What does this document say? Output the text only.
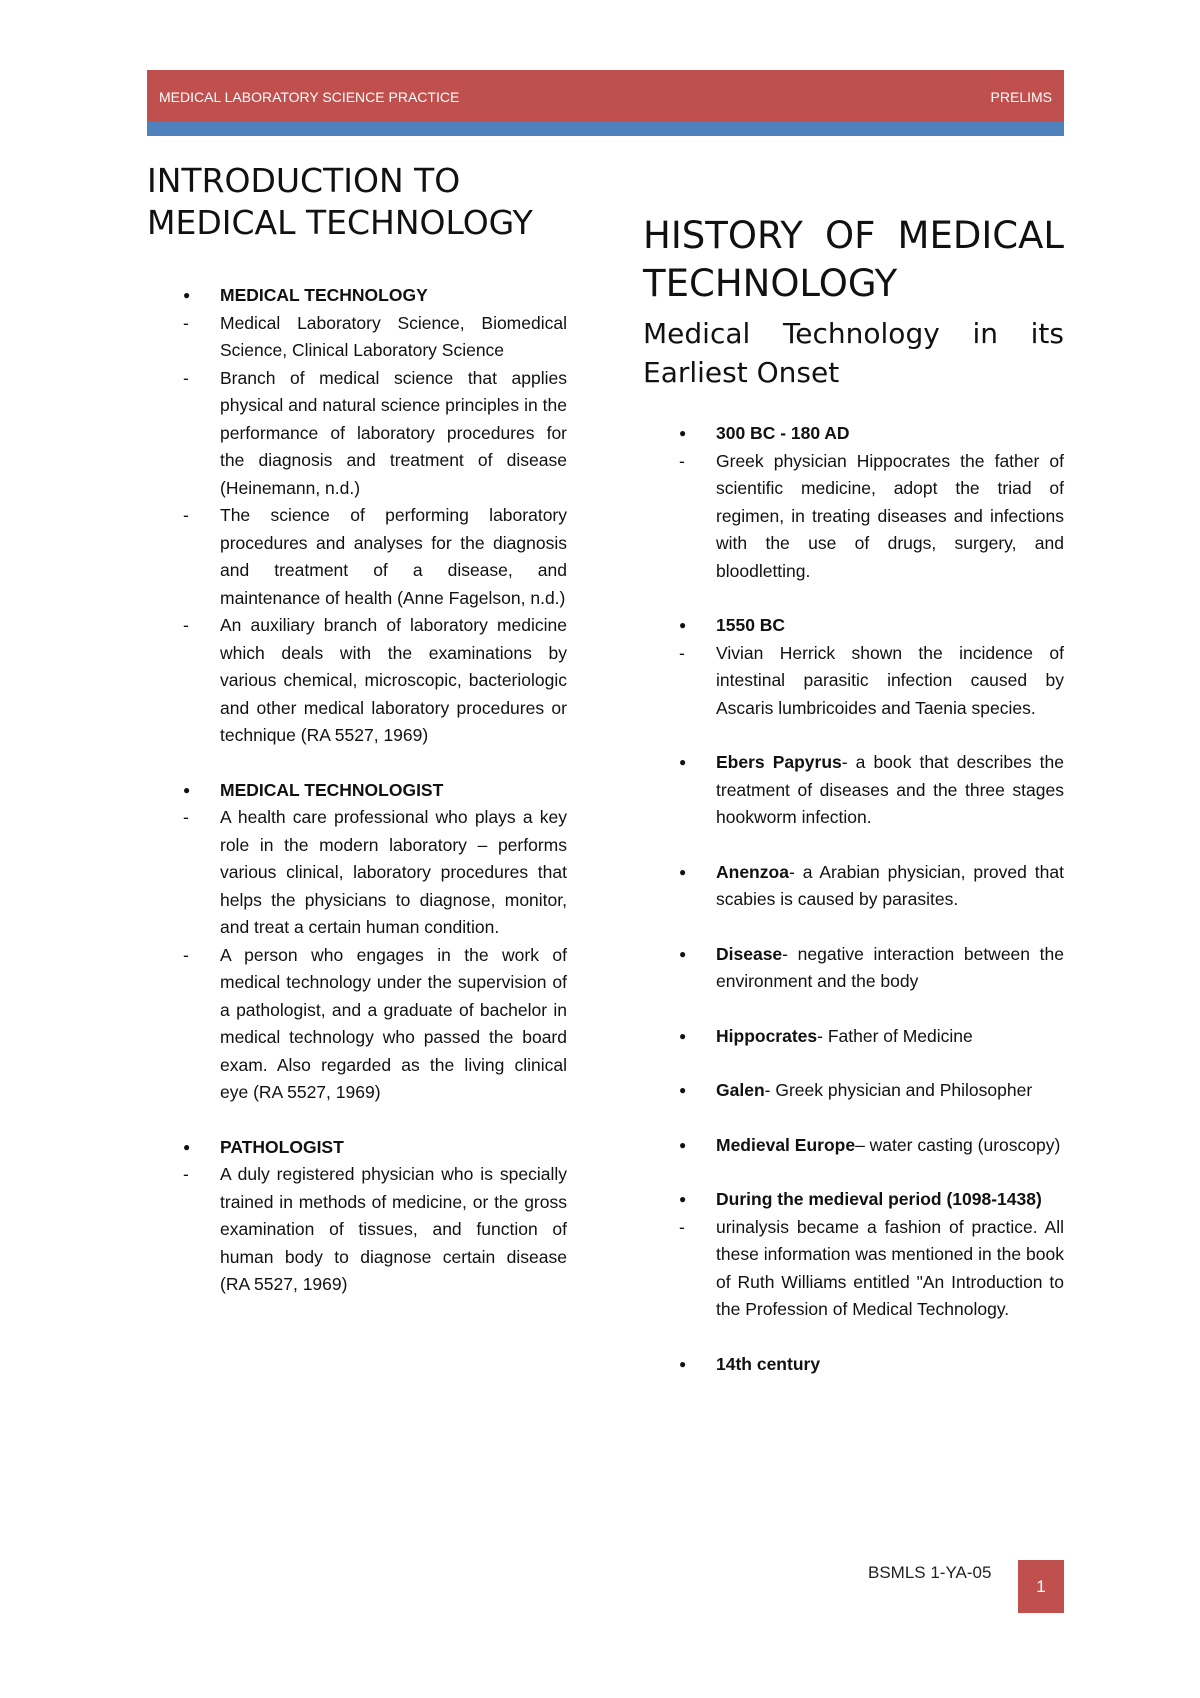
MEDICAL LABORATORY SCIENCE PRACTICE	PRELIMS
INTRODUCTION TO MEDICAL TECHNOLOGY
● MEDICAL TECHNOLOGY
- Medical Laboratory Science, Biomedical Science, Clinical Laboratory Science
- Branch of medical science that applies physical and natural science principles in the performance of laboratory procedures for the diagnosis and treatment of disease (Heinemann, n.d.)
- The science of performing laboratory procedures and analyses for the diagnosis and treatment of a disease, and maintenance of health (Anne Fagelson, n.d.)
- An auxiliary branch of laboratory medicine which deals with the examinations by various chemical, microscopic, bacteriologic and other medical laboratory procedures or technique (RA 5527, 1969)
● MEDICAL TECHNOLOGIST
- A health care professional who plays a key role in the modern laboratory – performs various clinical, laboratory procedures that helps the physicians to diagnose, monitor, and treat a certain human condition.
- A person who engages in the work of medical technology under the supervision of a pathologist, and a graduate of bachelor in medical technology who passed the board exam. Also regarded as the living clinical eye (RA 5527, 1969)
● PATHOLOGIST
- A duly registered physician who is specially trained in methods of medicine, or the gross examination of tissues, and function of human body to diagnose certain disease (RA 5527, 1969)
HISTORY OF MEDICAL TECHNOLOGY
Medical Technology in its Earliest Onset
● 300 BC - 180 AD
- Greek physician Hippocrates the father of scientific medicine, adopt the triad of regimen, in treating diseases and infections with the use of drugs, surgery, and bloodletting.
● 1550 BC
- Vivian Herrick shown the incidence of intestinal parasitic infection caused by Ascaris lumbricoides and Taenia species.
● Ebers Papyrus- a book that describes the treatment of diseases and the three stages hookworm infection.
● Anenzoa- a Arabian physician, proved that scabies is caused by parasites.
● Disease- negative interaction between the environment and the body
● Hippocrates- Father of Medicine
● Galen- Greek physician and Philosopher
● Medieval Europe– water casting (uroscopy)
● During the medieval period (1098-1438)
- urinalysis became a fashion of practice. All these information was mentioned in the book of Ruth Williams entitled "An Introduction to the Profession of Medical Technology.
● 14th century
BSMLS 1-YA-05
1
